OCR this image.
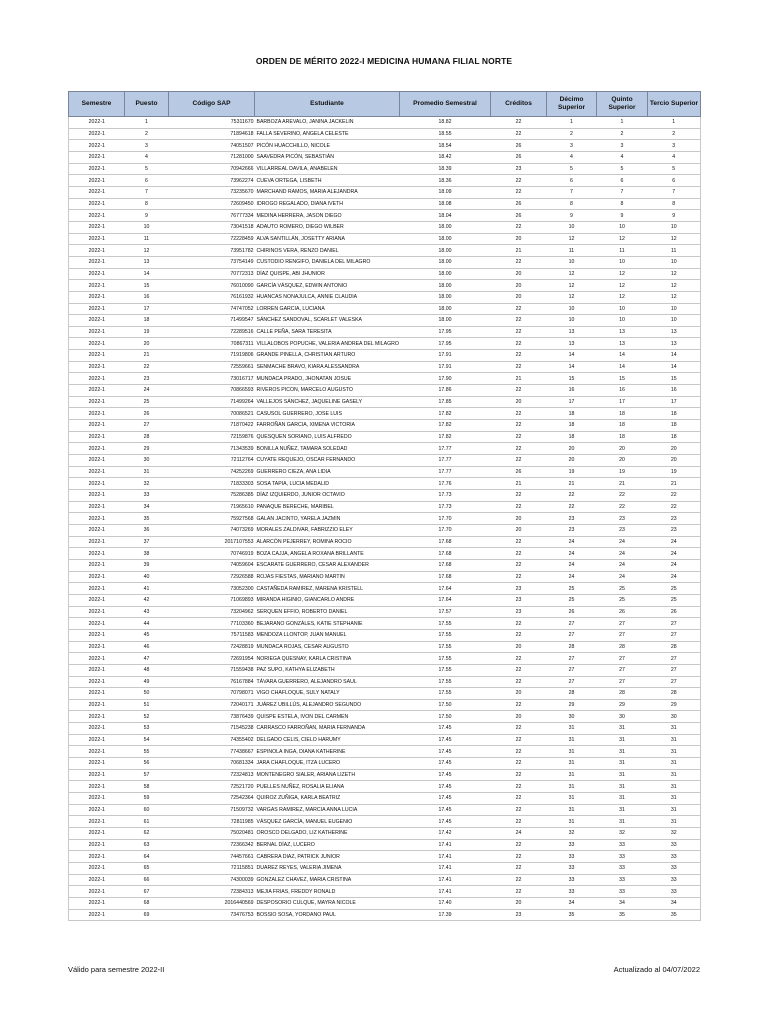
ORDEN DE MÉRITO 2022-I MEDICINA HUMANA FILIAL NORTE
Semestre	Puesto	Código SAP	Estudiante	Promedio Semestral	Créditos	Décimo Superior	Quinto Superior	Tercio Superior
2022-1	1	75311670	BARBOZA AREVALO, JANINA JACKELIN	18.82	22	1	1	1
2022-1	2	71894618	FALLA SEVERINO, ANGELA CELESTE	18.55	22	2	2	2
2022-1	3	74051507	PICÓN HUACCHILLO, NICOLE	18.54	26	3	3	3
2022-1	4	71281000	SAAVEDRA PICÓN, SEBASTIÁN	18.42	26	4	4	4
2022-1	5	70942666	VILLARREAL DAVILA, ANABELEN	18.39	23	5	5	5
2022-1	6	73962274	CUEVA ORTEGA, LISBETH	18.36	22	6	6	6
2022-1	7	73235670	MARCHAND RAMOS, MARIA ALEJANDRA	18.09	22	7	7	7
2022-1	8	72609450	IDROGO REGALADO, DIANA IVETH	18.08	26	8	8	8
2022-1	9	76777334	MEDINA HERRERA, JASON DIEGO	18.04	26	9	9	9
2022-1	10	73041518	ADAUTO ROMERO, DIEGO WILBER	18.00	22	10	10	10
2022-1	11	72228459	ALVA SANTILLÁN, JOSETTY ARIANA	18.00	20	12	12	12
2022-1	12	73951782	CHIRINOS VERA, RENZO DANIEL	18.00	21	11	11	11
2022-1	13	73754149	CUSTODIO RENGIFO, DANIELA DEL MILAGRO	18.00	22	10	10	10
2022-1	14	70772313	DÍAZ QUISPE, ABI JHUNIOR	18.00	20	12	12	12
2022-1	15	76010090	GARCÍA VÁSQUEZ, EDWIN ANTONIO	18.00	20	12	12	12
2022-1	16	76161932	HUANCAS NONAJULCA, ANNIE CLAUDIA	18.00	20	12	12	12
2022-1	17	74747052	LORREN GARCIA, LUCIANA	18.00	22	10	10	10
2022-1	18	71499547	SÁNCHEZ SANDOVAL, SCARLET VALESKA	18.00	22	10	10	10
2022-1	19	72289516	CALLE PEÑA, SARA TERESITA	17.95	22	13	13	13
2022-1	20	70867311	VILLALOBOS POPUCHE, VALERIA ANDREA DEL MILAGRO	17.95	22	13	13	13
2022-1	21	71919806	GRANDE PINELLA, CHRISTIAN ARTURO	17.91	22	14	14	14
2022-1	22	72559661	SENMACHE BRAVO, KIARA ALESSANDRA	17.91	22	14	14	14
2022-1	23	73016717	MUNDACA PRADO, JHONATAN JOSUE	17.90	21	15	15	15
2022-1	24	70866593	RIVEROS PICON, MARCELO AUGUSTO	17.86	22	16	16	16
2022-1	25	71499264	VALLEJOS SÁNCHEZ, JAQUELINE GASELY	17.85	20	17	17	17
2022-1	26	70086521	CASUSOL GUERRERO, JOSE LUIS	17.82	22	18	18	18
2022-1	27	71870422	FARROÑAN GARCIA, XIMENA VICTORIA	17.82	22	18	18	18
2022-1	28	72159876	QUESQUEN SORIANO, LUIS ALFREDO	17.82	22	18	18	18
2022-1	29	71343539	BONILLA NUÑEZ, TAMARA SOLEDAD	17.77	22	20	20	20
2022-1	30	72112764	CUYATE REQUEJO, OSCAR FERNANDO	17.77	22	20	20	20
2022-1	31	74252269	GUERRERO CIEZA, ANA LIDIA	17.77	26	19	19	19
2022-1	32	71833303	SOSA TAPIA, LUCIA MEDALID	17.76	21	21	21	21
2022-1	33	75286385	DÍAZ IZQUIERDO, JUNIOR OCTAVIO	17.73	22	22	22	22
2022-1	34	71965610	PANAQUE BERECHE, MARIBEL	17.73	22	22	22	22
2022-1	35	75927568	GALAN JACINTO, YARELA JAZMIN	17.70	20	23	23	23
2022-1	36	74073269	MORALES ZALDIVAR, FABRIZZIO ELEY	17.70	20	23	23	23
2022-1	37	2017107553	ALARCÓN PEJERREY, ROMINA ROCIO	17.68	22	24	24	24
2022-1	38	70746919	BOZA CAJJA, ANGELA ROXANA BRILLANTE	17.68	22	24	24	24
2022-1	39	74059604	ESCARATE GUERRERO, CESAR ALEXANDER	17.68	22	24	24	24
2022-1	40	72926588	ROJAS FIESTAS, MARIANO MARTIN	17.68	22	24	24	24
2022-1	41	73052300	CASTAÑEDA RAMIREZ, MARENA KRISTELL	17.64	23	25	25	25
2022-1	42	71069893	MIRANDA HIGINIO, GIANCARLO ANDRE	17.64	23	25	25	25
2022-1	43	73204962	SERQUEN EFFIO, ROBERTO DANIEL	17.57	23	26	26	26
2022-1	44	77103360	BEJARANO GONZÁLES, KATIE STEPHANIE	17.55	22	27	27	27
2022-1	45	75711583	MENDOZA LLONTOP, JUAN MANUEL	17.55	22	27	27	27
2022-1	46	72428819	MUNDACA ROJAS, CESAR AUGUSTO	17.55	20	28	28	28
2022-1	47	72691954	NORIEGA QUESNAY, KARLA CRISTINA	17.55	22	27	27	27
2022-1	48	71559438	PAZ SUPO, KATHYA ELIZABETH	17.55	22	27	27	27
2022-1	49	76167884	TÁVARA GUERRERO, ALEJANDRO SAUL	17.55	22	27	27	27
2022-1	50	70798071	VIGO CHAFLOQUE, SULY NATALY	17.55	20	28	28	28
2022-1	51	72040171	JUÁREZ UBILLÚS, ALEJANDRO SEGUNDO	17.50	22	29	29	29
2022-1	52	73876439	QUISPE ESTELA, IVON DEL CARMEN	17.50	20	30	30	30
2022-1	53	71545238	CARRASCO FARROÑAN, MARIA FERNANDA	17.45	22	31	31	31
2022-1	54	74355402	DELGADO CELIS, CIELO HARUMY	17.45	22	31	31	31
2022-1	55	77438667	ESPINOLA INGA, DIANA KATHERINE	17.45	22	31	31	31
2022-1	56	70681334	JARA CHAFLOQUE, ITZA LUCERO	17.45	22	31	31	31
2022-1	57	72324813	MONTENEGRO SIALER, ARIANA LIZETH	17.45	22	31	31	31
2022-1	58	72521720	PUELLES NUÑEZ, ROSALIA ELIANA	17.45	22	31	31	31
2022-1	59	72542364	QUIROZ ZUÑIGA, KARLA BEATRIZ	17.45	22	31	31	31
2022-1	60	71509732	VARGAS RAMIREZ, MARCIA ANNA LUCIA	17.45	22	31	31	31
2022-1	61	72811985	VÁSQUEZ GARCÍA, MANUEL EUGENIO	17.45	22	31	31	31
2022-1	62	75020481	OROSCO DELGADO, LIZ KATHERINE	17.42	24	32	32	32
2022-1	63	72366342	BERNAL DÍAZ, LUCERO	17.41	22	33	33	33
2022-1	64	74457661	CABRERA DIAZ, PATRICK JUNIOR	17.41	22	33	33	33
2022-1	65	72115851	DUAREZ REYES, VALERIA JIMENA	17.41	22	33	33	33
2022-1	66	74300039	GONZALEZ CHAVEZ, MARIA CRISTINA	17.41	22	33	33	33
2022-1	67	72384313	MEJIA FRIAS, FREDDY RONALD	17.41	22	33	33	33
2022-1	68	2016440569	DESPOSORIO CULQUE, MAYRA NICOLE	17.40	20	34	34	34
2022-1	69	73476753	BOSSIO SOSA, YORDANO PAUL	17.39	23	35	35	35
Válido para semestre 2022-II	Actualizado al 04/07/2022
